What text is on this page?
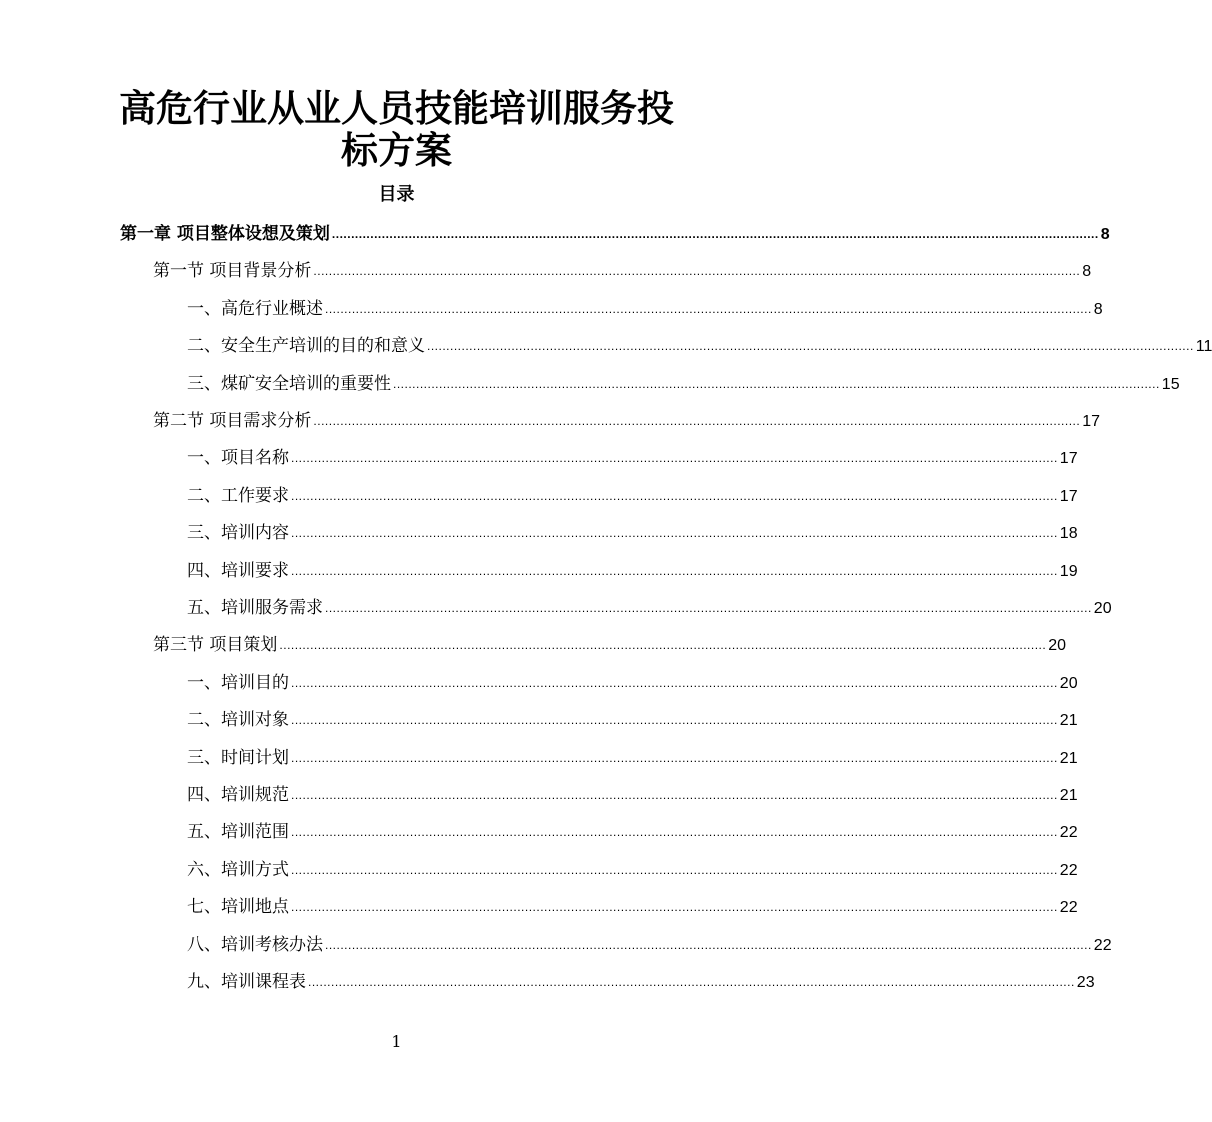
高危行业从业人员技能培训服务投
标方案
目录
第一章 项目整体设想及策划 ........................................................................................................................................................................................................ 8
第一节 项目背景分析 ........................................................................................................................................................................................................ 8
一、高危行业概述 ........................................................................................................................................................................................................ 8
二、安全生产培训的目的和意义 ........................................................................................................................................................................................................ 11
三、煤矿安全培训的重要性 ........................................................................................................................................................................................................ 15
第二节 项目需求分析 ........................................................................................................................................................................................................ 17
一、项目名称 ........................................................................................................................................................................................................ 17
二、工作要求 ........................................................................................................................................................................................................ 17
三、培训内容 ........................................................................................................................................................................................................ 18
四、培训要求 ........................................................................................................................................................................................................ 19
五、培训服务需求 ........................................................................................................................................................................................................ 20
第三节 项目策划 ........................................................................................................................................................................................................ 20
一、培训目的 ........................................................................................................................................................................................................ 20
二、培训对象 ........................................................................................................................................................................................................ 21
三、时间计划 ........................................................................................................................................................................................................ 21
四、培训规范 ........................................................................................................................................................................................................ 21
五、培训范围 ........................................................................................................................................................................................................ 22
六、培训方式 ........................................................................................................................................................................................................ 22
七、培训地点 ........................................................................................................................................................................................................ 22
八、培训考核办法 ........................................................................................................................................................................................................ 22
九、培训课程表 ........................................................................................................................................................................................................ 23
1
